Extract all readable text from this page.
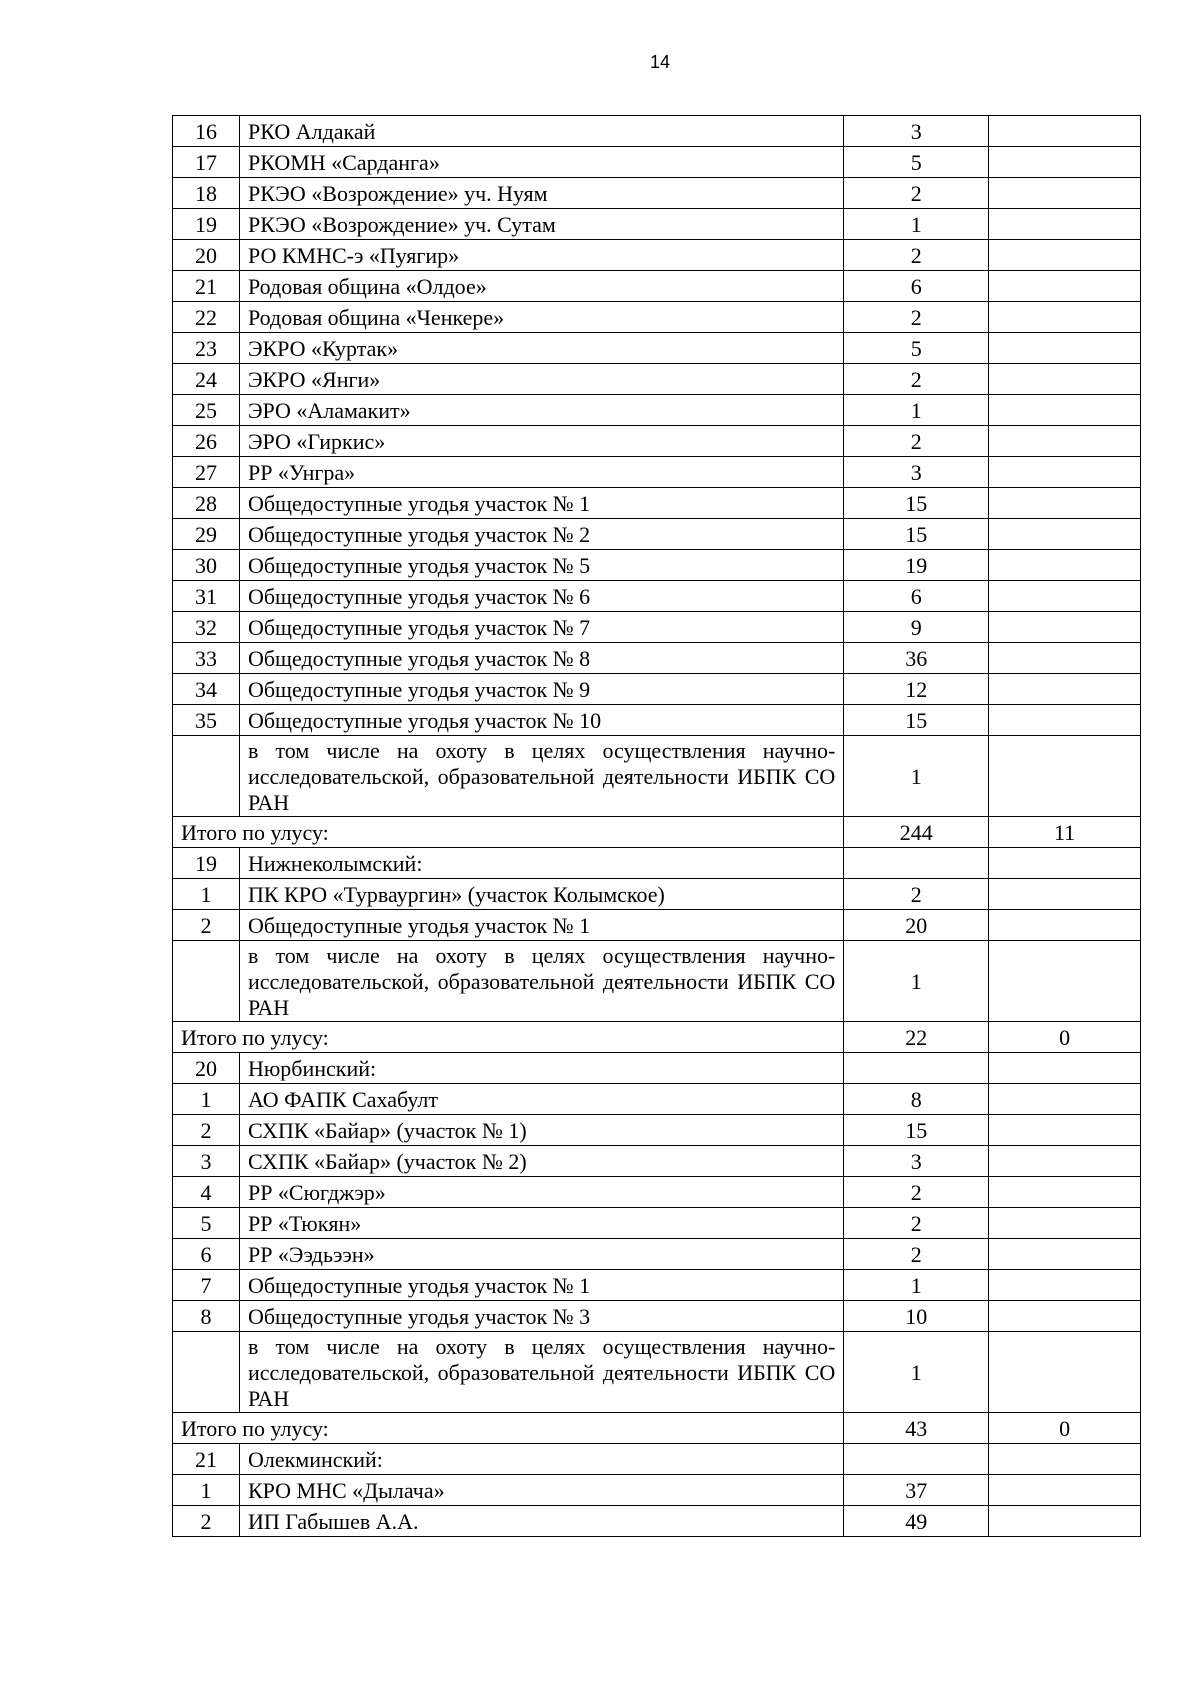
14
16	РКО Алдакай	3	
17	РКОМН «Сарданга»	5	
18	РКЭО «Возрождение» уч. Нуям	2	
19	РКЭО «Возрождение» уч. Сутам	1	
20	РО КМНС-э «Пуягир»	2	
21	Родовая община «Олдое»	6	
22	Родовая община «Ченкере»	2	
23	ЭКРО «Куртак»	5	
24	ЭКРО «Янги»	2	
25	ЭРО «Аламакит»	1	
26	ЭРО «Гиркис»	2	
27	РР «Унгра»	3	
28	Общедоступные угодья участок № 1	15	
29	Общедоступные угодья участок № 2	15	
30	Общедоступные угодья участок № 5	19	
31	Общедоступные угодья участок № 6	6	
32	Общедоступные угодья участок № 7	9	
33	Общедоступные угодья участок № 8	36	
34	Общедоступные угодья участок № 9	12	
35	Общедоступные угодья участок № 10	15	
	в том числе на охоту в целях осуществления научно-исследовательской, образовательной деятельности ИБПК СО РАН	1	
Итого по улусу:		244	11
19	Нижнеколымский:		
1	ПК КРО «Турваургин» (участок Колымское)	2	
2	Общедоступные угодья участок № 1	20	
	в том числе на охоту в целях осуществления научно-исследовательской, образовательной деятельности ИБПК СО РАН	1	
Итого по улусу:		22	0
20	Нюрбинский:		
1	АО ФАПК Сахабулт	8	
2	СХПК «Байар» (участок № 1)	15	
3	СХПК «Байар» (участок № 2)	3	
4	РР «Сюгджэр»	2	
5	РР «Тюкян»	2	
6	РР «Ээдьээн»	2	
7	Общедоступные угодья участок № 1	1	
8	Общедоступные угодья участок № 3	10	
	в том числе на охоту в целях осуществления научно-исследовательской, образовательной деятельности ИБПК СО РАН	1	
Итого по улусу:		43	0
21	Олекминский:		
1	КРО МНС «Дылача»	37	
2	ИП Габышев А.А.	49	
